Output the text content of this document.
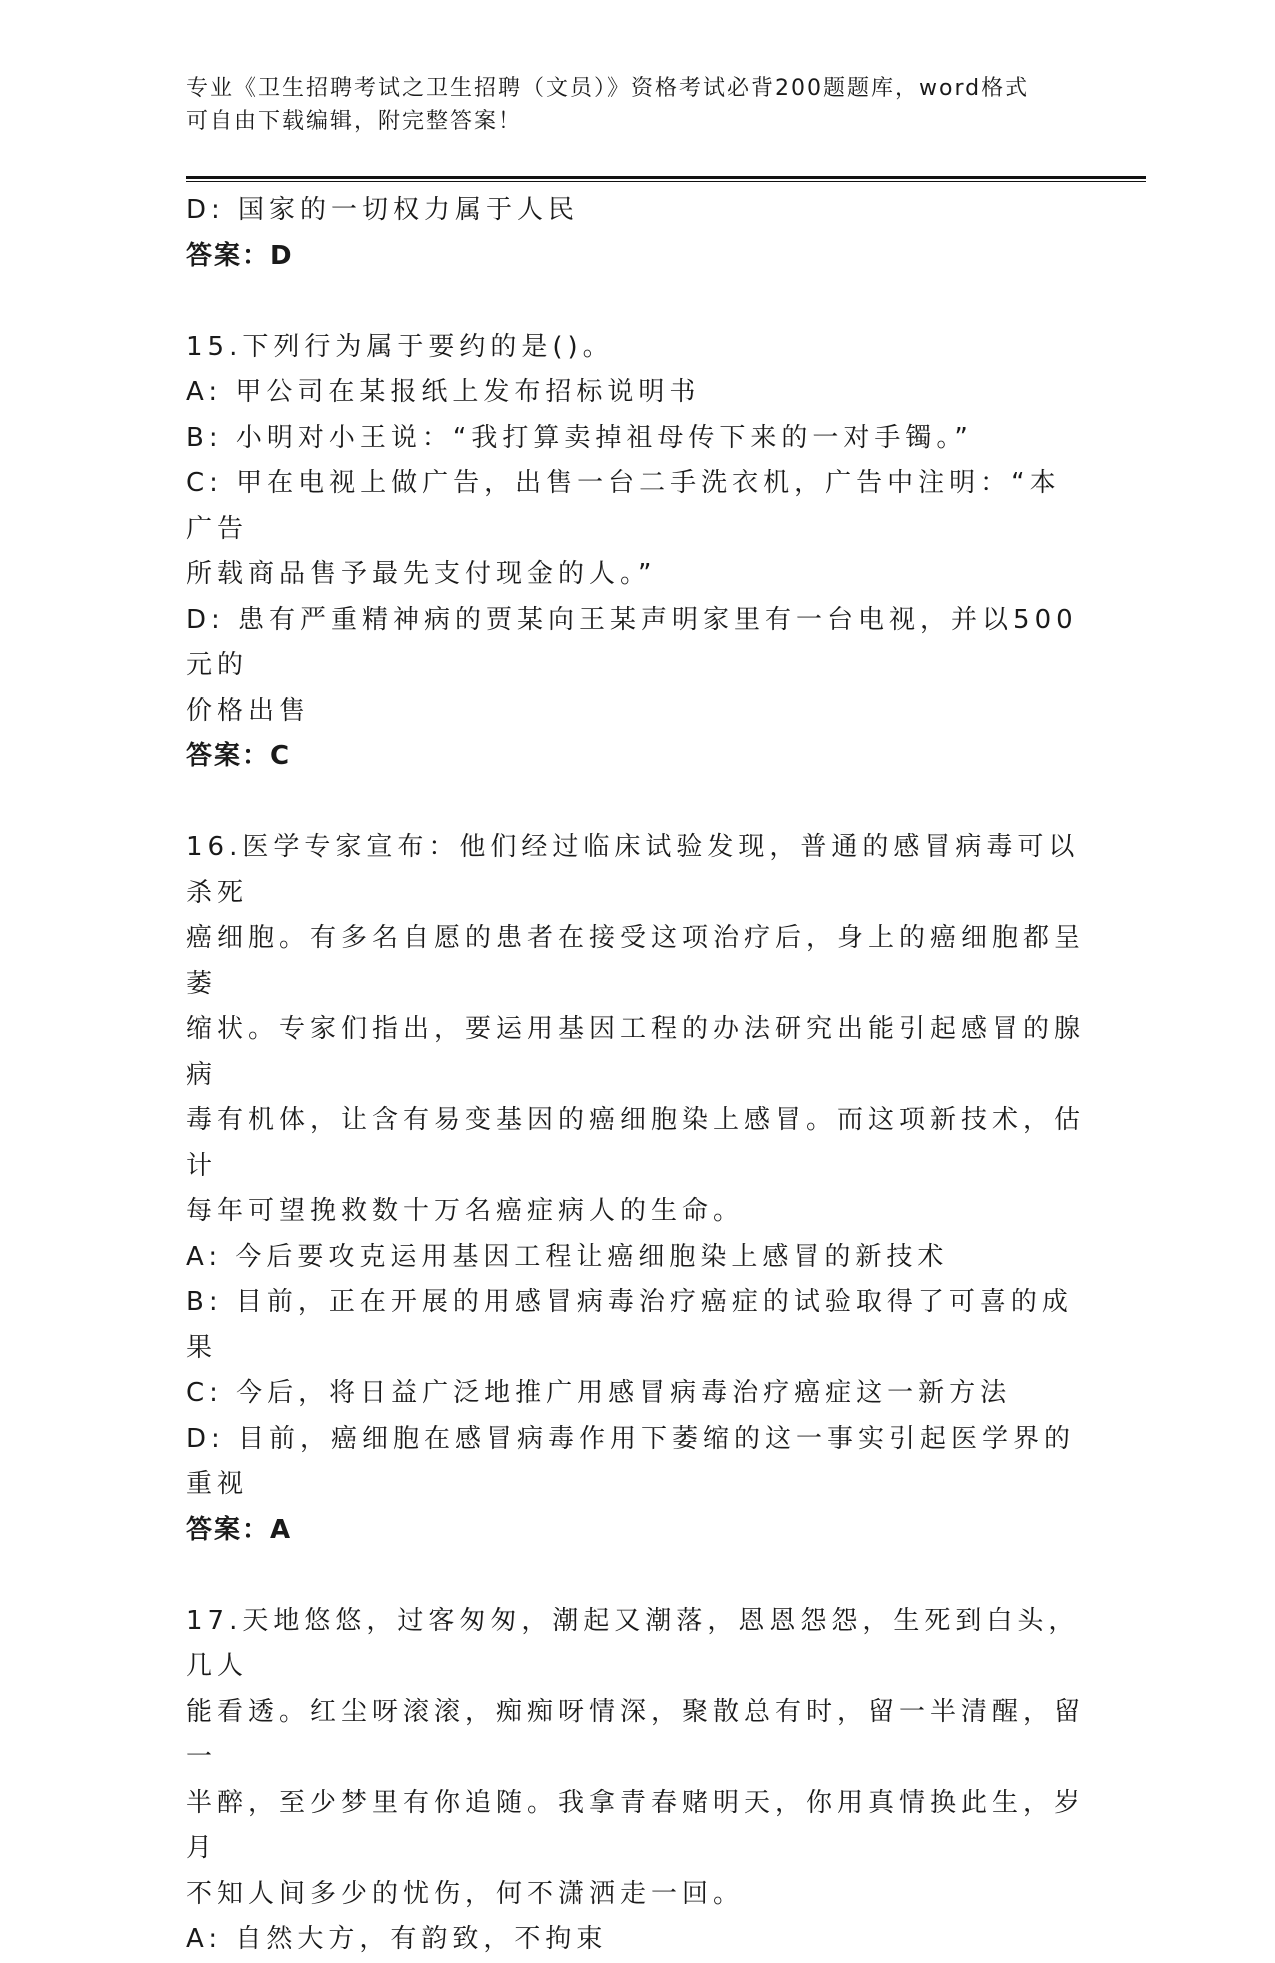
专业《卫生招聘考试之卫生招聘（文员）》资格考试必背200题题库，word格式
可自由下载编辑，附完整答案！

D: 国家的一切权力属于人民

答案：D

15.下列行为属于要约的是()。

A: 甲公司在某报纸上发布招标说明书

B: 小明对小王说：“我打算卖掉祖母传下来的一对手镯。”

C: 甲在电视上做广告，出售一台二手洗衣机，广告中注明：“本广告

所载商品售予最先支付现金的人。”

D: 患有严重精神病的贾某向王某声明家里有一台电视，并以500元的

价格出售

答案：C

16.医学专家宣布：他们经过临床试验发现，普通的感冒病毒可以杀死

癌细胞。有多名自愿的患者在接受这项治疗后，身上的癌细胞都呈萎

缩状。专家们指出，要运用基因工程的办法研究出能引起感冒的腺病

毒有机体，让含有易变基因的癌细胞染上感冒。而这项新技术，估计

每年可望挽救数十万名癌症病人的生命。

A: 今后要攻克运用基因工程让癌细胞染上感冒的新技术

B: 目前，正在开展的用感冒病毒治疗癌症的试验取得了可喜的成果

C: 今后，将日益广泛地推广用感冒病毒治疗癌症这一新方法

D: 目前，癌细胞在感冒病毒作用下萎缩的这一事实引起医学界的重视

答案：A

17.天地悠悠，过客匆匆，潮起又潮落，恩恩怨怨，生死到白头，几人

能看透。红尘呀滚滚，痴痴呀情深，聚散总有时，留一半清醒，留一

半醉，至少梦里有你追随。我拿青春赌明天，你用真情换此生，岁月

不知人间多少的忧伤，何不潇洒走一回。

A: 自然大方，有韵致，不拘束
